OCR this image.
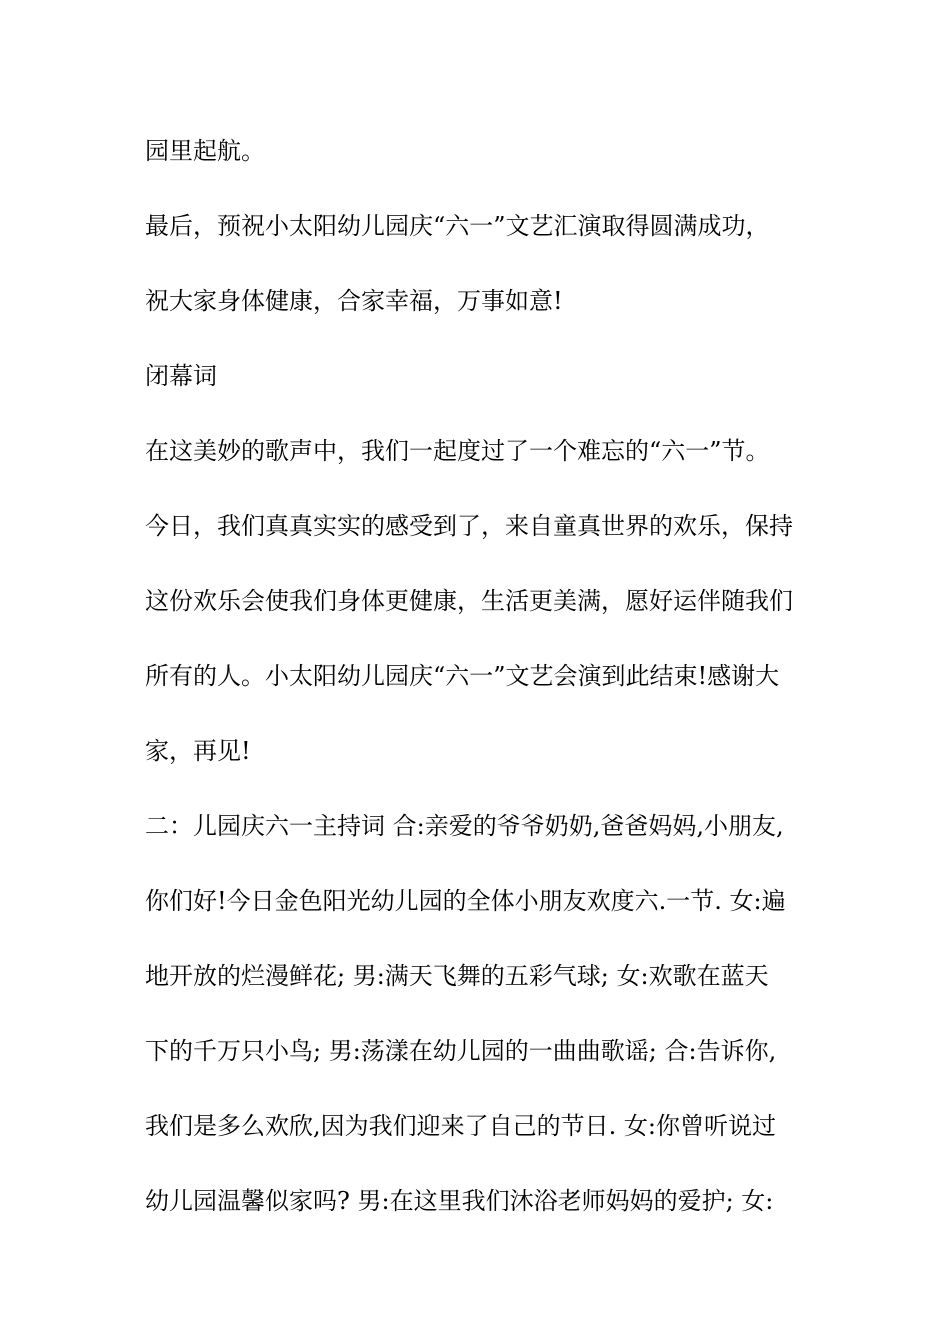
园里起航。
最后，预祝小太阳幼儿园庆“六一”文艺汇演取得圆满成功，
祝大家身体健康，合家幸福，万事如意!
闭幕词
在这美妙的歌声中，我们一起度过了一个难忘的“六一”节。
今日，我们真真实实的感受到了，来自童真世界的欢乐，保持
这份欢乐会使我们身体更健康，生活更美满，愿好运伴随我们
所有的人。小太阳幼儿园庆“六一”文艺会演到此结束!感谢大
家，再见!
二：儿园庆六一主持词 合:亲爱的爷爷奶奶,爸爸妈妈,小朋友,
你们好!今日金色阳光幼儿园的全体小朋友欢度六.一节. 女:遍
地开放的烂漫鲜花; 男:满天飞舞的五彩气球; 女:欢歌在蓝天
下的千万只小鸟; 男:荡漾在幼儿园的一曲曲歌谣; 合:告诉你,
我们是多么欢欣,因为我们迎来了自己的节日. 女:你曾听说过
幼儿园温馨似家吗? 男:在这里我们沐浴老师妈妈的爱护; 女:
